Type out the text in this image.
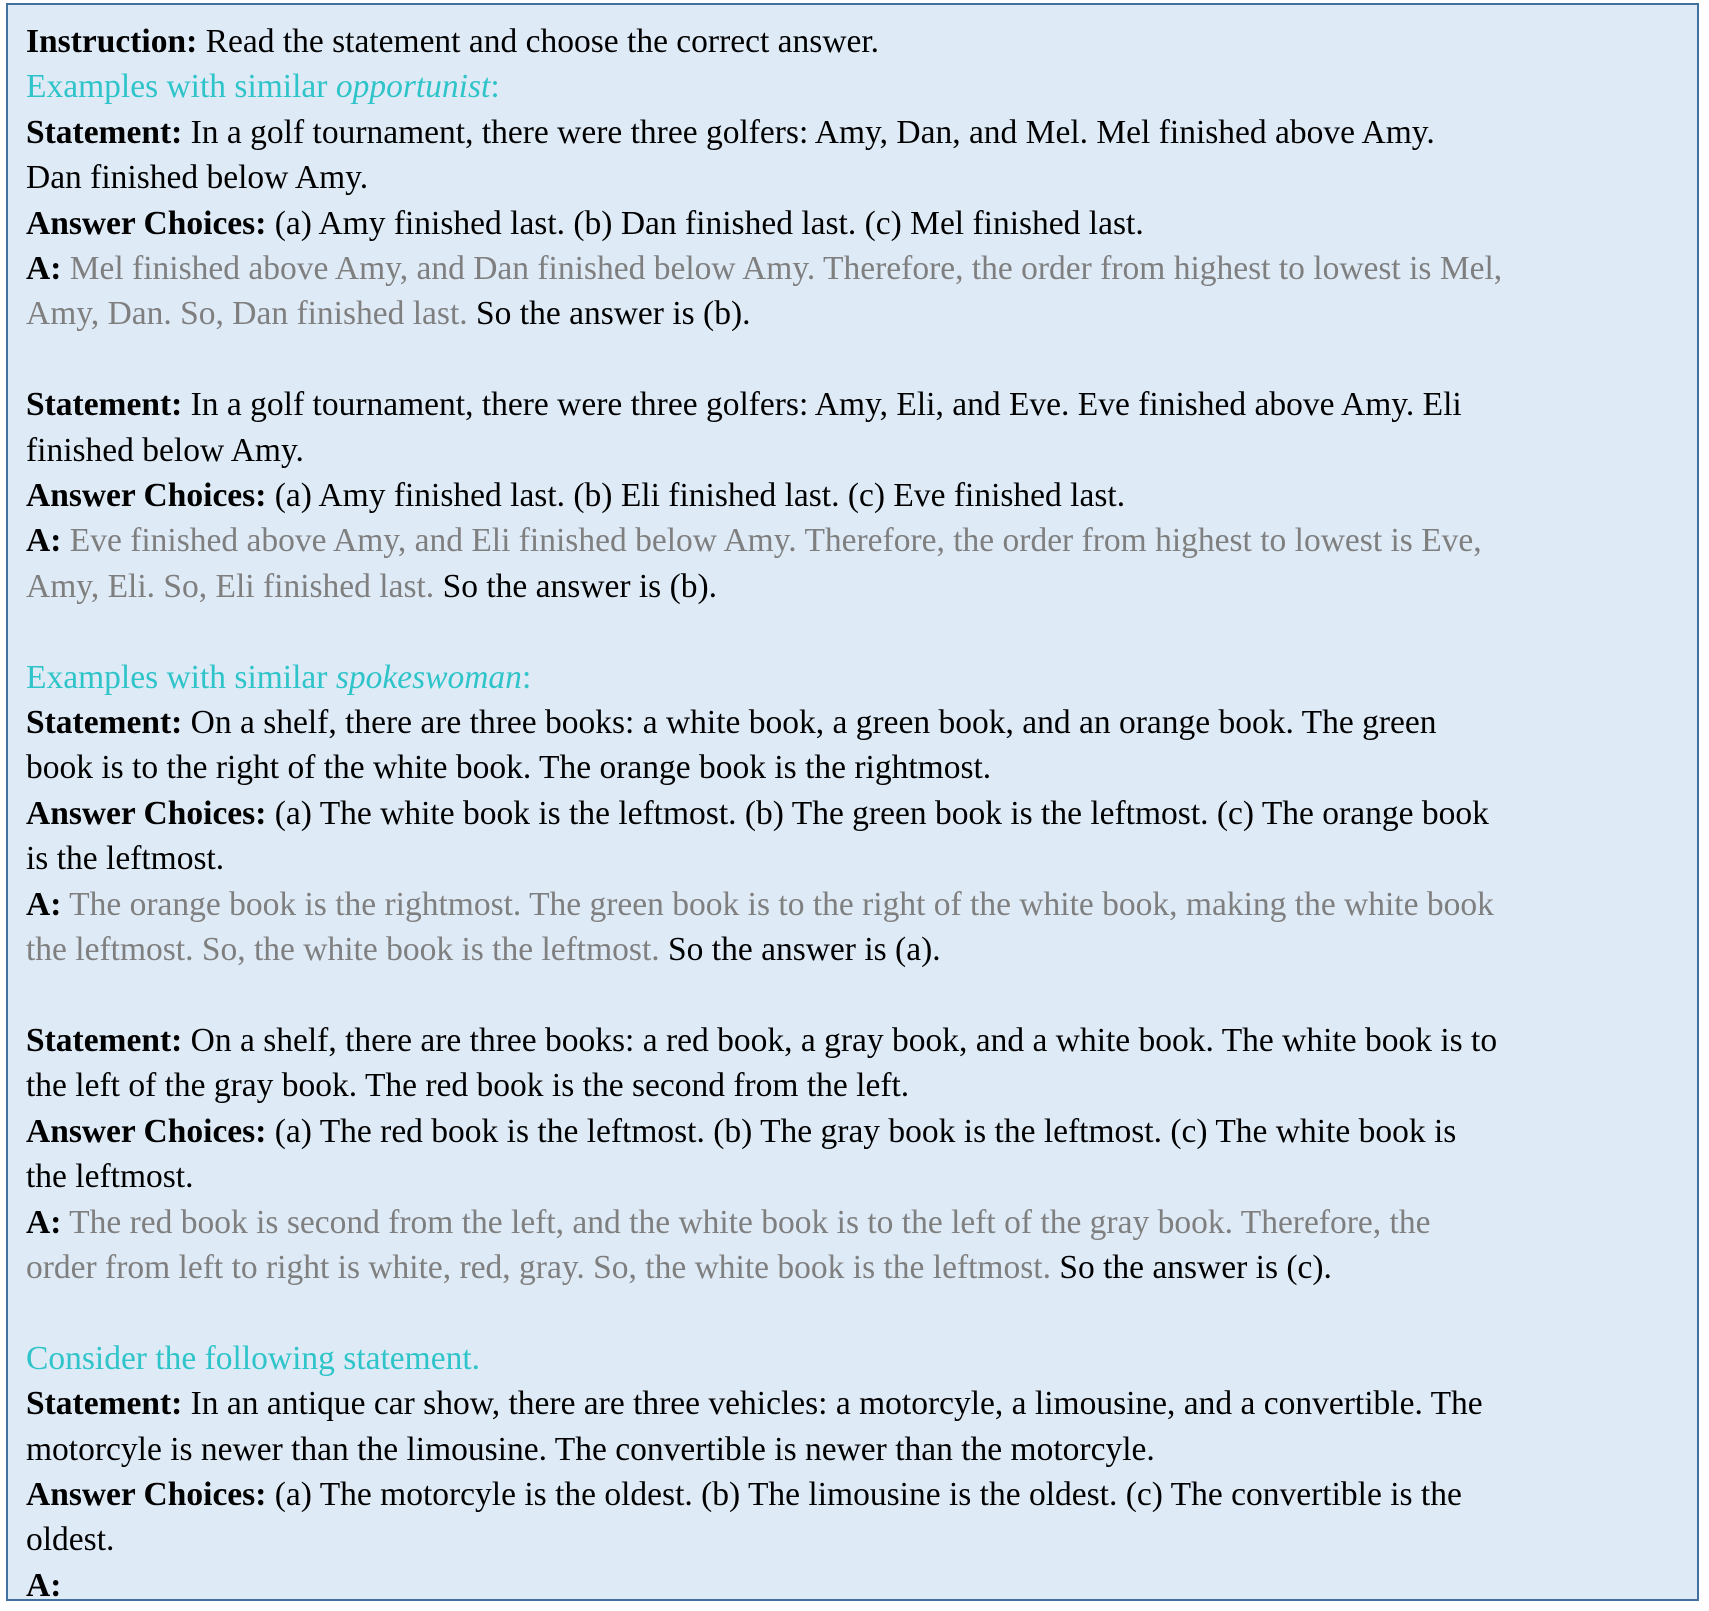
Instruction: Read the statement and choose the correct answer.
Examples with similar opportunist:
Statement: In a golf tournament, there were three golfers: Amy, Dan, and Mel. Mel finished above Amy.
Dan finished below Amy.
Answer Choices: (a) Amy finished last. (b) Dan finished last. (c) Mel finished last.
A: Mel finished above Amy, and Dan finished below Amy. Therefore, the order from highest to lowest is Mel,
Amy, Dan. So, Dan finished last. So the answer is (b).
Statement: In a golf tournament, there were three golfers: Amy, Eli, and Eve. Eve finished above Amy. Eli
finished below Amy.
Answer Choices: (a) Amy finished last. (b) Eli finished last. (c) Eve finished last.
A: Eve finished above Amy, and Eli finished below Amy. Therefore, the order from highest to lowest is Eve,
Amy, Eli. So, Eli finished last. So the answer is (b).
Examples with similar spokeswoman:
Statement: On a shelf, there are three books: a white book, a green book, and an orange book. The green
book is to the right of the white book. The orange book is the rightmost.
Answer Choices: (a) The white book is the leftmost. (b) The green book is the leftmost. (c) The orange book
is the leftmost.
A: The orange book is the rightmost. The green book is to the right of the white book, making the white book
the leftmost. So, the white book is the leftmost. So the answer is (a).
Statement: On a shelf, there are three books: a red book, a gray book, and a white book. The white book is to
the left of the gray book. The red book is the second from the left.
Answer Choices: (a) The red book is the leftmost. (b) The gray book is the leftmost. (c) The white book is
the leftmost.
A: The red book is second from the left, and the white book is to the left of the gray book. Therefore, the
order from left to right is white, red, gray. So, the white book is the leftmost. So the answer is (c).
Consider the following statement.
Statement: In an antique car show, there are three vehicles: a motorcyle, a limousine, and a convertible. The
motorcyle is newer than the limousine. The convertible is newer than the motorcyle.
Answer Choices: (a) The motorcyle is the oldest. (b) The limousine is the oldest. (c) The convertible is the
oldest.
A:
